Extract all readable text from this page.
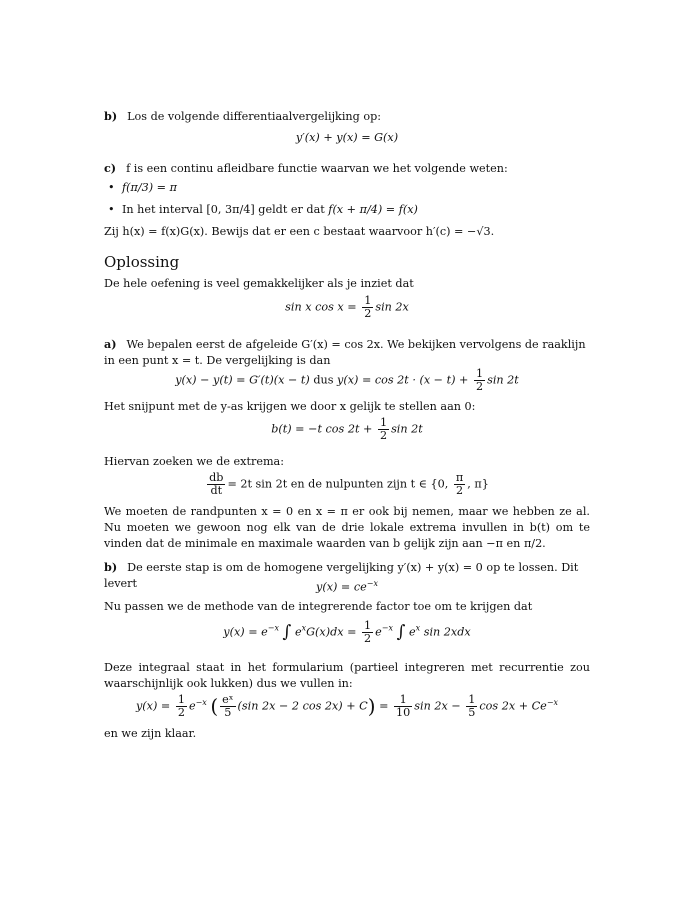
b) Los de volgende differentiaalvergelijking op:
y′(x) + y(x) = G(x)
c) f is een continu afleidbare functie waarvan we het volgende weten:
• f(π/3) = π
• In het interval [0, 3π/4] geldt er dat f(x + π/4) = f(x)
Zij h(x) = f(x)G(x). Bewijs dat er een c bestaat waarvoor h′(c) = −√3.
Oplossing
De hele oefening is veel gemakkelijker als je inziet dat
sin x $\cos x = \frac{1}{2}$ sin 2x
a) We bepalen eerst de afgeleide G′(x) = cos 2x. We bekijken vervolgens de raaklijn in een punt x = t. De vergelijking is dan
y(x) − y(t) = G′(t)(x − t) dus $y(x) = \cos 2t \cdot (x - t) + \frac{1}{2}$ sin 2t
Het snijpunt met de y-as krijgen we door x gelijk te stellen aan 0:
b(t) = −t $\cos 2t + \frac{1}{2}$ sin 2t
Hiervan zoeken we de extrema:
$\frac{db}{dt} = 2t$ sin 2t en de nulpunten zijn t ∈ {0, $\frac{\pi}{2}$ , π}
We moeten de randpunten x = 0 en x = π er ook bij nemen, maar we hebben ze al. Nu moeten we gewoon nog elk van de drie lokale extrema invullen in b(t) om te vinden dat de minimale en maximale waarden van b gelijk zijn aan −π en π/2.
b) De eerste stap is om de homogene vergelijking y′(x) + y(x) = 0 op te lossen. Dit levert	$y(x) = ce^{-x}$
Nu passen we de methode van de integrerende factor toe om te krijgen dat
$y(x) = e^{-x}$ ∫ $e^xG(x)dx = \frac{1}{2} e^{-x}$ ∫ $e^x$ sin 2xdx
Deze integraal staat in het formularium (partieel integreren met recurrentie zou waarschijnlijk ook lukken) dus we vullen in:
$y(x) = \frac{1}{2} e^{-x}$ ( $\frac{\text{eˣ}}{5} (\sin$ 2x − 2 $\cos 2x) + C) = \frac{1}{10}$ $\sin 2x - \frac{1}{5}$ $\cos 2x + Ce^{-x}$
en we zijn klaar.
